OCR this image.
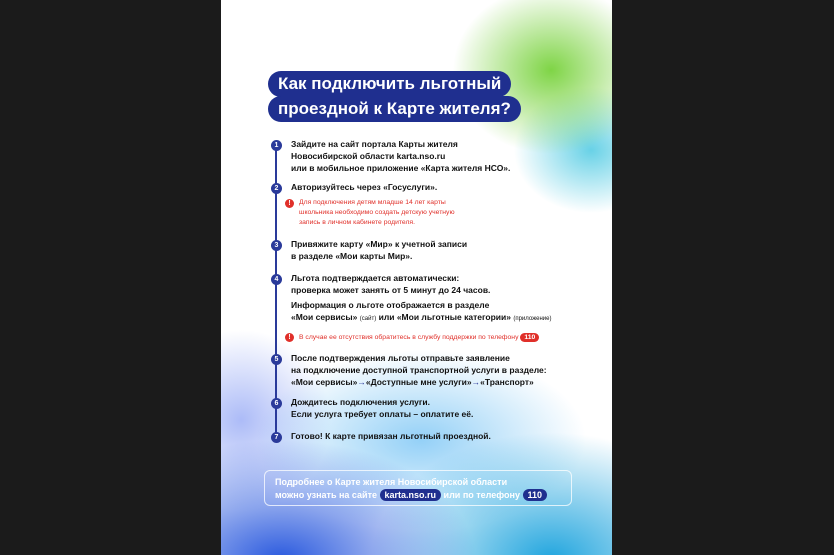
Как подключить льготный
проездной к Карте жителя?
1	Зайдите на сайт портала Карты жителя
Новосибирской области karta.nso.ru
или в мобильное приложение «Карта жителя НСО».
2	Авторизуйтесь через «Госуслуги».
!	Для подключения детям младше 14 лет карты
школьника необходимо создать детскую учетную
запись в личном кабинете родителя.
3	Привяжите карту «Мир» к учетной записи
в разделе «Мои карты Мир».
4	Льгота подтверждается автоматически:
проверка может занять от 5 минут до 24 часов.
Информация о льготе отображается в разделе
«Мои сервисы» (сайт) или «Мои льготные категории» (приложение)
!	В случае ее отсутствия обратитесь в службу поддержки по телефону 110
5	После подтверждения льготы отправьте заявление
на подключение доступной транспортной услуги в разделе:
«Мои сервисы»→«Доступные мне услуги»→«Транспорт»
6	Дождитесь подключения услуги.
Если услуга требует оплаты – оплатите её.
7	Готово! К карте привязан льготный проездной.
Подробнее о Карте жителя Новосибирской области
можно узнать на сайте karta.nso.ru или по телефону 110
